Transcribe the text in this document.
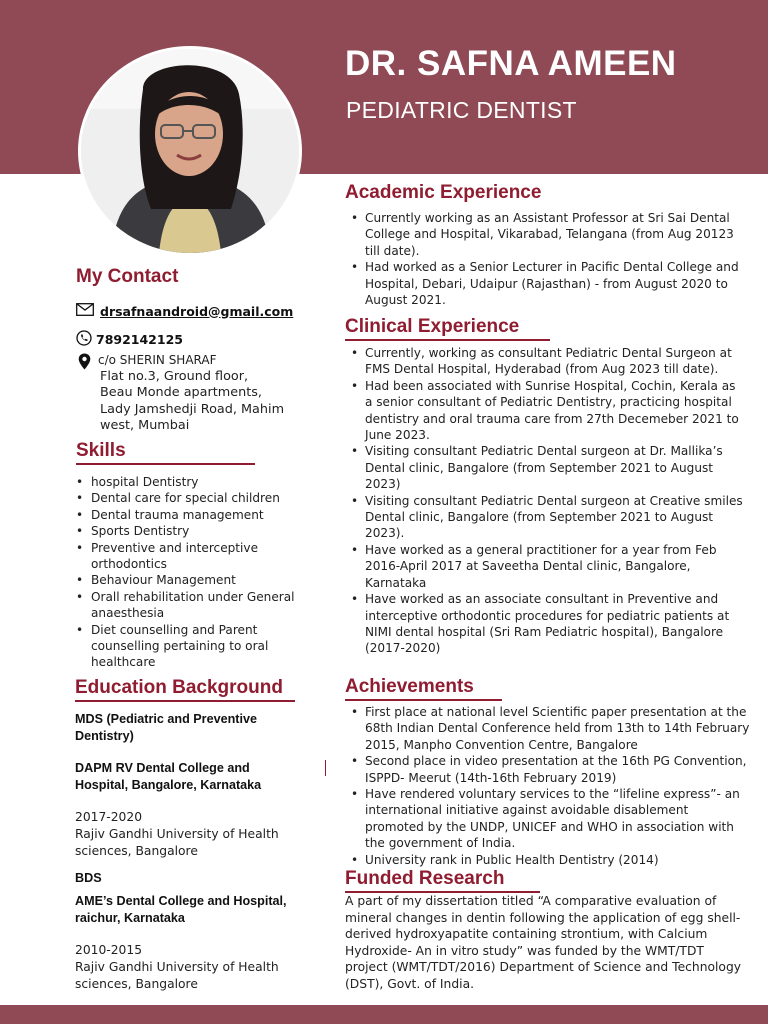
DR. SAFNA AMEEN
PEDIATRIC DENTIST
My Contact
drsafnaandroid@gmail.com
7892142125
c/o SHERIN SHARAF
Flat no.3, Ground floor,
Beau Monde apartments,
Lady Jamshedji Road, Mahim
west, Mumbai
Skills
• hospital Dentistry
• Dental care for special children
• Dental trauma management
• Sports Dentistry
• Preventive and interceptive orthodontics
• Behaviour Management
• Orall rehabilitation under General anaesthesia
• Diet counselling and Parent counselling pertaining to oral healthcare
Education Background
MDS (Pediatric and Preventive Dentistry)
DAPM RV Dental College and Hospital, Bangalore, Karnataka
2017-2020
Rajiv Gandhi University of Health sciences, Bangalore
BDS
AME’s Dental College and Hospital, raichur, Karnataka
2010-2015
Rajiv Gandhi University of Health sciences, Bangalore
Academic Experience
• Currently working as an Assistant Professor at Sri Sai Dental College and Hospital, Vikarabad, Telangana (from Aug 20123 till date).
• Had worked as a Senior Lecturer in Pacific Dental College and Hospital, Debari, Udaipur (Rajasthan) - from August 2020 to August 2021.
Clinical Experience
• Currently, working as consultant Pediatric Dental Surgeon at FMS Dental Hospital, Hyderabad (from Aug 2023 till date).
• Had been associated with Sunrise Hospital, Cochin, Kerala as a senior consultant of Pediatric Dentistry, practicing hospital dentistry and oral trauma care from 27th Decemeber 2021 to June 2023.
• Visiting consultant Pediatric Dental surgeon at Dr. Mallika’s Dental clinic, Bangalore (from September 2021 to August 2023)
• Visiting consultant Pediatric Dental surgeon at Creative smiles Dental clinic, Bangalore (from September 2021 to August 2023).
• Have worked as a general practitioner for a year from Feb 2016-April 2017 at Saveetha Dental clinic, Bangalore, Karnataka
• Have worked as an associate consultant in Preventive and interceptive orthodontic procedures for pediatric patients at NIMI dental hospital (Sri Ram Pediatric hospital), Bangalore (2017-2020)
Achievements
• First place at national level Scientific paper presentation at the 68th Indian Dental Conference held from 13th to 14th February 2015, Manpho Convention Centre, Bangalore
• Second place in video presentation at the 16th PG Convention, ISPPD- Meerut (14th-16th February 2019)
• Have rendered voluntary services to the “lifeline express”- an international initiative against avoidable disablement promoted by the UNDP, UNICEF and WHO in association with the government of India.
• University rank in Public Health Dentistry (2014)
Funded Research

A part of my dissertation titled “A comparative evaluation of mineral changes in dentin following the application of egg shell-derived hydroxyapatite containing strontium, with Calcium Hydroxide- An in vitro study” was funded by the WMT/TDT project (WMT/TDT/2016) Department of Science and Technology (DST), Govt. of India.
